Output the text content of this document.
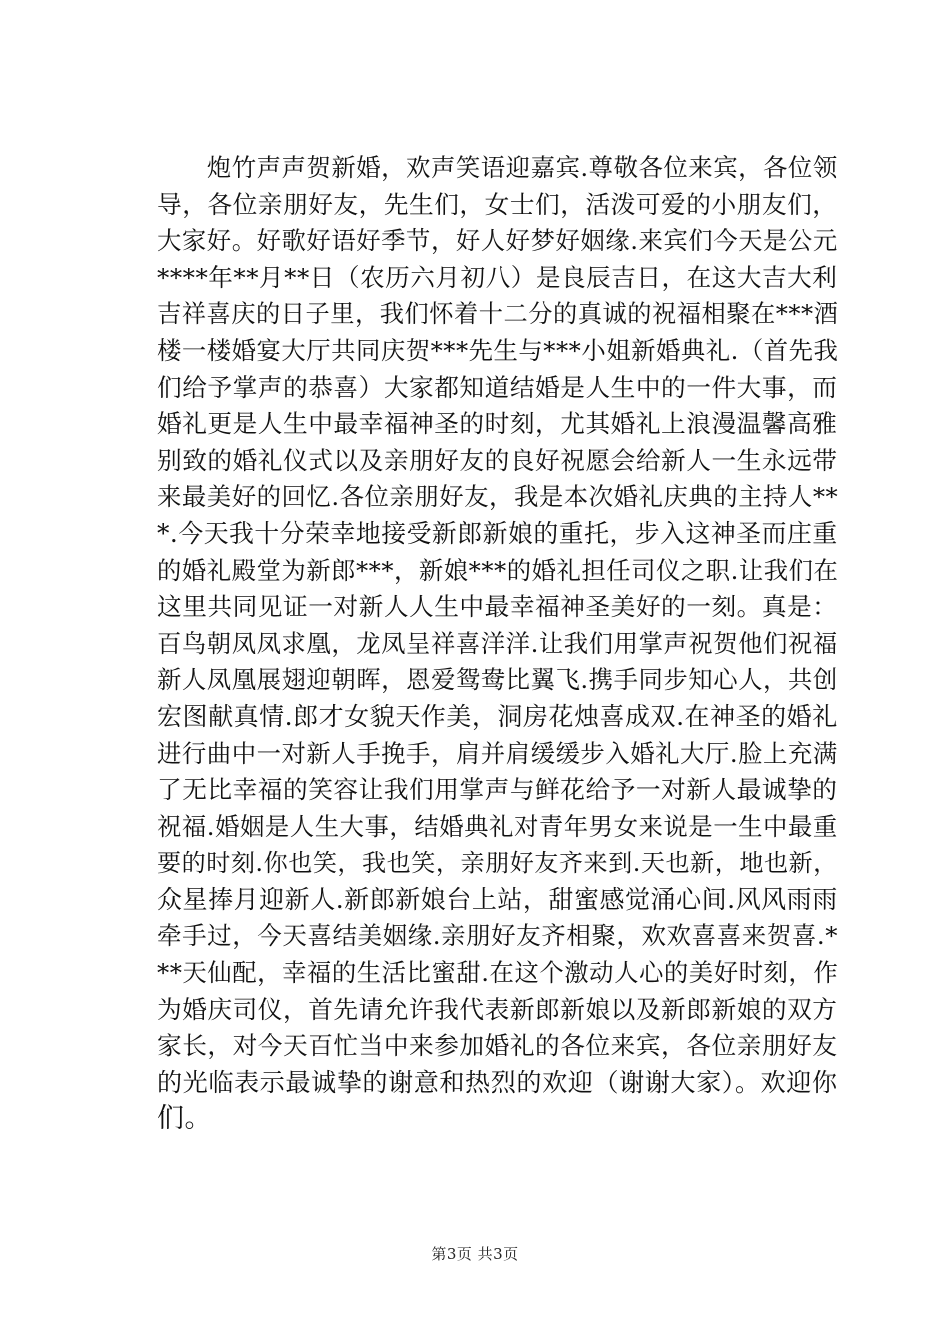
　　炮竹声声贺新婚，欢声笑语迎嘉宾.尊敬各位来宾，各位领
导，各位亲朋好友，先生们，女士们，活泼可爱的小朋友们，
大家好。好歌好语好季节，好人好梦好姻缘.来宾们今天是公元
****年**月**日（农历六月初八）是良辰吉日，在这大吉大利
吉祥喜庆的日子里，我们怀着十二分的真诚的祝福相聚在***酒
楼一楼婚宴大厅共同庆贺***先生与***小姐新婚典礼.（首先我
们给予掌声的恭喜）大家都知道结婚是人生中的一件大事，而
婚礼更是人生中最幸福神圣的时刻，尤其婚礼上浪漫温馨高雅
别致的婚礼仪式以及亲朋好友的良好祝愿会给新人一生永远带
来最美好的回忆.各位亲朋好友，我是本次婚礼庆典的主持人**
*.今天我十分荣幸地接受新郎新娘的重托，步入这神圣而庄重
的婚礼殿堂为新郎***，新娘***的婚礼担任司仪之职.让我们在
这里共同见证一对新人人生中最幸福神圣美好的一刻。真是：
百鸟朝凤凤求凰，龙凤呈祥喜洋洋.让我们用掌声祝贺他们祝福
新人凤凰展翅迎朝晖，恩爱鸳鸯比翼飞.携手同步知心人，共创
宏图献真情.郎才女貌天作美，洞房花烛喜成双.在神圣的婚礼
进行曲中一对新人手挽手，肩并肩缓缓步入婚礼大厅.脸上充满
了无比幸福的笑容让我们用掌声与鲜花给予一对新人最诚挚的
祝福.婚姻是人生大事，结婚典礼对青年男女来说是一生中最重
要的时刻.你也笑，我也笑，亲朋好友齐来到.天也新，地也新，
众星捧月迎新人.新郎新娘台上站，甜蜜感觉涌心间.风风雨雨
牵手过，今天喜结美姻缘.亲朋好友齐相聚，欢欢喜喜来贺喜.*
**天仙配，幸福的生活比蜜甜.在这个激动人心的美好时刻，作
为婚庆司仪，首先请允许我代表新郎新娘以及新郎新娘的双方
家长，对今天百忙当中来参加婚礼的各位来宾，各位亲朋好友
的光临表示最诚挚的谢意和热烈的欢迎（谢谢大家）。欢迎你
们。
第3页 共3页
